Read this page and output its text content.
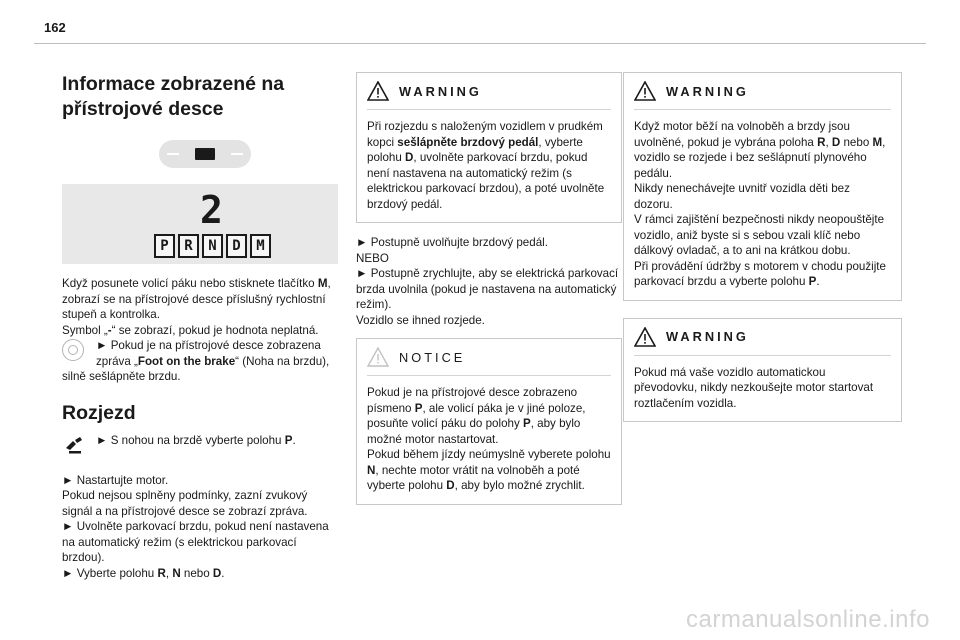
162
Informace zobrazené na přístrojové desce
2
P	R	N	D	M

Když posunete volicí páku nebo stisknete tlačítko M, zobrazí se na přístrojové desce příslušný rychlostní stupeň a kontrolka.
Symbol „-“ se zobrazí, pokud je hodnota neplatná.

► Pokud je na přístrojové desce zobrazena zpráva „Foot on the brake“ (Noha na brzdu), silně sešlápněte brzdu.
Rozjezd
► S nohou na brzdě vyberte polohu P.
► Nastartujte motor.
Pokud nejsou splněny podmínky, zazní zvukový signál a na přístrojové desce se zobrazí zpráva.
► Uvolněte parkovací brzdu, pokud není nastavena na automatický režim (s elektrickou parkovací brzdou).
► Vyberte polohu R, N nebo D.
WARNING

Při rozjezdu s naloženým vozidlem v prudkém kopci sešlápněte brzdový pedál, vyberte polohu D, uvolněte parkovací brzdu, pokud není nastavena na automatický režim (s elektrickou parkovací brzdou), a poté uvolněte brzdový pedál.

► Postupně uvolňujte brzdový pedál.
NEBO
► Postupně zrychlujte, aby se elektrická parkovací brzda uvolnila (pokud je nastavena na automatický režim).
Vozidlo se ihned rozjede.
NOTICE

Pokud je na přístrojové desce zobrazeno písmeno P, ale volicí páka je v jiné poloze, posuňte volicí páku do polohy P, aby bylo možné motor nastartovat.
Pokud během jízdy neúmyslně vyberete polohu N, nechte motor vrátit na volnoběh a poté vyberte polohu D, aby bylo možné zrychlit.

WARNING

Když motor běží na volnoběh a brzdy jsou uvolněné, pokud je vybrána poloha R, D nebo M, vozidlo se rozjede i bez sešlápnutí plynového pedálu.
Nikdy nenechávejte uvnitř vozidla děti bez dozoru.
V rámci zajištění bezpečnosti nikdy neopouštějte vozidlo, aniž byste si s sebou vzali klíč nebo dálkový ovladač, a to ani na krátkou dobu.
Při provádění údržby s motorem v chodu použijte parkovací brzdu a vyberte polohu P.

WARNING

Pokud má vaše vozidlo automatickou převodovku, nikdy nezkoušejte motor startovat roztlačením vozidla.

carmanualsonline.info
